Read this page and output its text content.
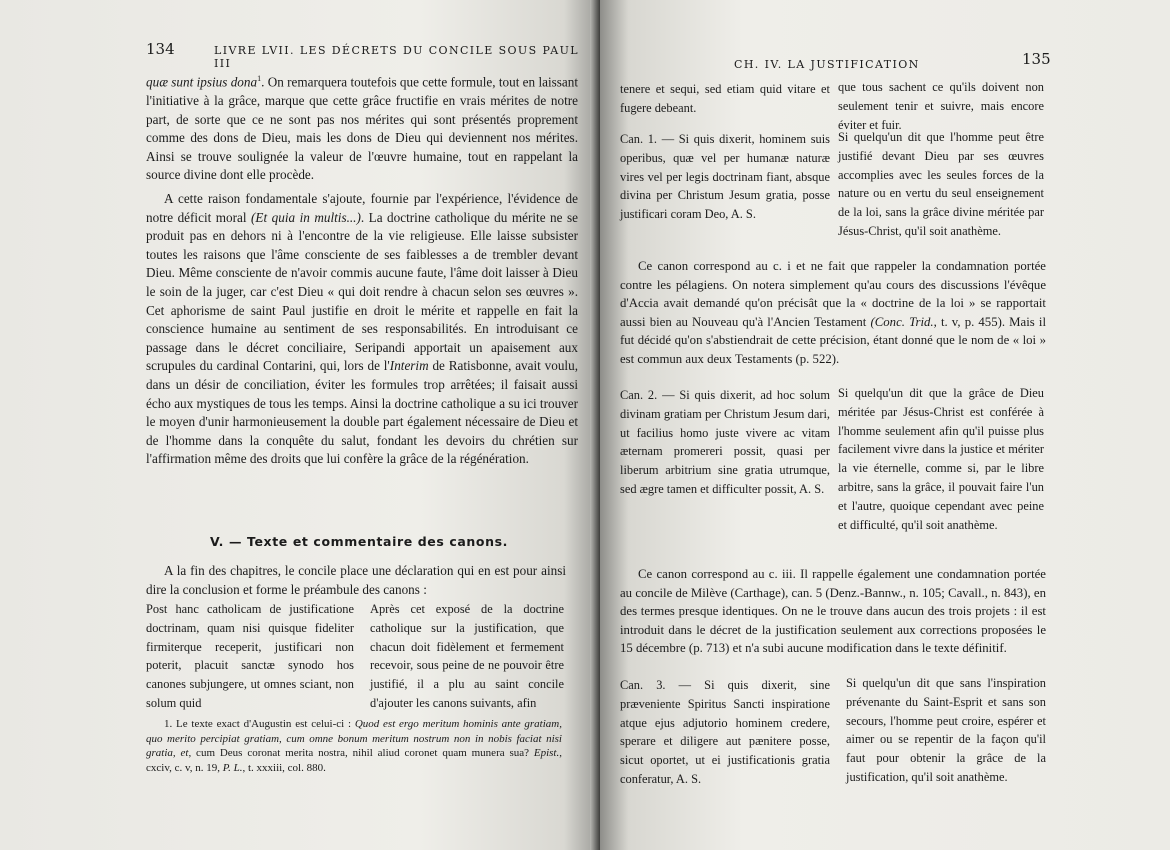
134	LIVRE LVII. LES DÉCRETS DU CONCILE SOUS PAUL III

quæ sunt ipsius dona$^1$. On remarquera toutefois que cette formule, tout en laissant l'initiative à la grâce, marque que cette grâce fructifie en vrais mérites de notre part, de sorte que ce ne sont pas nos mérites qui sont présentés proprement comme des dons de Dieu, mais les dons de Dieu qui deviennent nos mérites. Ainsi se trouve soulignée la valeur de l'œuvre humaine, tout en rappelant la source divine dont elle procède.

A cette raison fondamentale s'ajoute, fournie par l'expérience, l'évidence de notre déficit moral (Et quia in multis...). La doctrine catholique du mérite ne se produit pas en dehors ni à l'encontre de la vie religieuse. Elle laisse subsister toutes les raisons que l'âme consciente de ses faiblesses a de trembler devant Dieu. Même consciente de n'avoir commis aucune faute, l'âme doit laisser à Dieu le soin de la juger, car c'est Dieu « qui doit rendre à chacun selon ses œuvres ». Cet aphorisme de saint Paul justifie en droit le mérite et rappelle en fait la conscience humaine au sentiment de ses responsabilités. En introduisant ce passage dans le décret conciliaire, Seripandi apportait un apaisement aux scrupules du cardinal Contarini, qui, lors de l'Interim de Ratisbonne, avait voulu, dans un désir de conciliation, éviter les formules trop arrêtées; il faisait aussi écho aux mystiques de tous les temps. Ainsi la doctrine catholique a su ici trouver le moyen d'unir harmonieusement la double part également nécessaire de Dieu et de l'homme dans la conquête du salut, fondant les devoirs du chrétien sur l'affirmation même des droits que lui confère la grâce de la régénération.

V. — Texte et commentaire des canons.

A la fin des chapitres, le concile place une déclaration qui en est pour ainsi dire la conclusion et forme le préambule des canons :

Post hanc catholicam de justificatione doctrinam, quam nisi quisque fideliter firmiterque receperit, justificari non poterit, placuit sanctæ synodo hos canones subjungere, ut omnes sciant, non solum quid
Après cet exposé de la doctrine catholique sur la justification, que chacun doit fidèlement et fermement recevoir, sous peine de ne pouvoir être justifié, il a plu au saint concile d'ajouter les canons suivants, afin

1. Le texte exact d'Augustin est celui-ci : Quod est ergo meritum hominis ante gratiam, quo merito percipiat gratiam, cum omne bonum meritum nostrum non in nobis faciat nisi gratia, et, cum Deus coronat merita nostra, nihil aliud coronet quam munera sua? Epist., cxciv, c. v, n. 19, P. L., t. xxxiii, col. 880.

CH. IV. LA JUSTIFICATION	135
tenere et sequi, sed etiam quid vitare et fugere debeant.
que tous sachent ce qu'ils doivent non seulement tenir et suivre, mais encore éviter et fuir.
Can. 1. — Si quis dixerit, hominem suis operibus, quæ vel per humanæ naturæ vires vel per legis doctrinam fiant, absque divina per Christum Jesum gratia, posse justificari coram Deo, A. S.
Si quelqu'un dit que l'homme peut être justifié devant Dieu par ses œuvres accomplies avec les seules forces de la nature ou en vertu du seul enseignement de la loi, sans la grâce divine méritée par Jésus-Christ, qu'il soit anathème.

Ce canon correspond au c. i et ne fait que rappeler la condamnation portée contre les pélagiens. On notera simplement qu'au cours des discussions l'évêque d'Accia avait demandé qu'on précisât que la « doctrine de la loi » se rapportait aussi bien au Nouveau qu'à l'Ancien Testament (Conc. Trid., t. v, p. 455). Mais il fut décidé qu'on s'abstiendrait de cette précision, étant donné que le nom de « loi » est commun aux deux Testaments (p. 522).

Can. 2. — Si quis dixerit, ad hoc solum divinam gratiam per Christum Jesum dari, ut facilius homo juste vivere ac vitam æternam promereri possit, quasi per liberum arbitrium sine gratia utrumque, sed ægre tamen et difficulter possit, A. S.
Si quelqu'un dit que la grâce de Dieu méritée par Jésus-Christ est conférée à l'homme seulement afin qu'il puisse plus facilement vivre dans la justice et mériter la vie éternelle, comme si, par le libre arbitre, sans la grâce, il pouvait faire l'un et l'autre, quoique cependant avec peine et difficulté, qu'il soit anathème.

Ce canon correspond au c. iii. Il rappelle également une condamnation portée au concile de Milève (Carthage), can. 5 (Denz.-Bannw., n. 105; Cavall., n. 843), en des termes presque identiques. On ne le trouve dans aucun des trois projets : il est introduit dans le décret de la justification seulement aux corrections proposées le 15 décembre (p. 713) et n'a subi aucune modification dans le texte définitif.

Can. 3. — Si quis dixerit, sine præveniente Spiritus Sancti inspiratione atque ejus adjutorio hominem credere, sperare et diligere aut pænitere posse, sicut oportet, ut ei justificationis gratia conferatur, A. S.
Si quelqu'un dit que sans l'inspiration prévenante du Saint-Esprit et sans son secours, l'homme peut croire, espérer et aimer ou se repentir de la façon qu'il faut pour obtenir la grâce de la justification, qu'il soit anathème.
